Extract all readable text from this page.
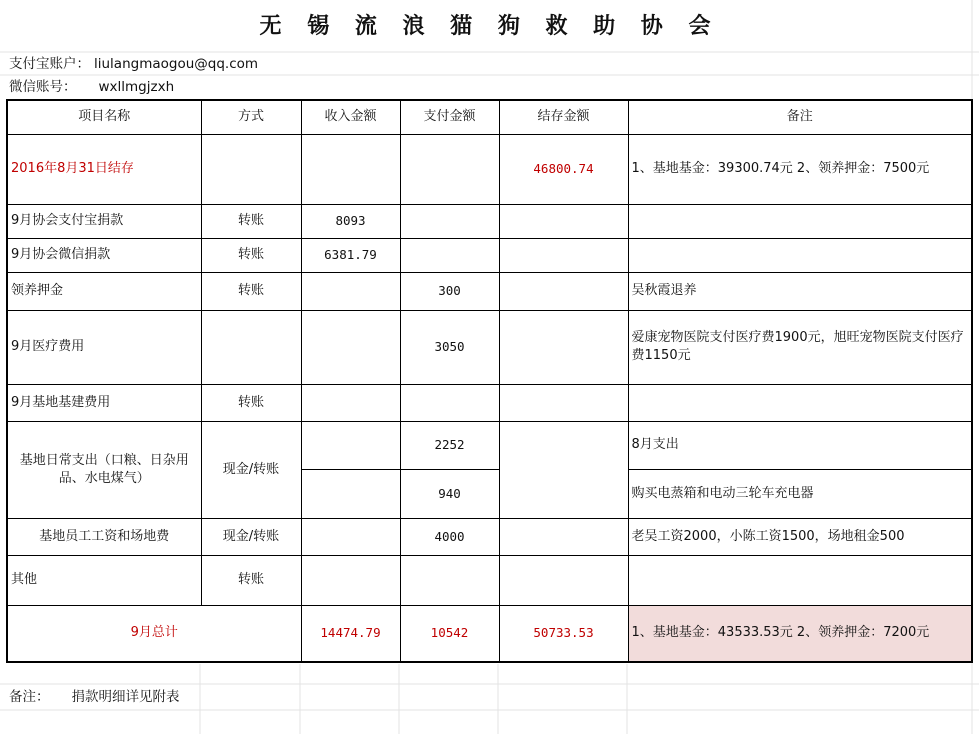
无 锡 流 浪 猫 狗 救 助 协 会
支付宝账户： liulangmaogou@qq.com
微信账号： wxllmgjzxh
项目名称	方式	收入金额	支付金额	结存金额	备注
2016年8月31日结存				46800.74	1、基地基金：39300.74元 2、领养押金：7500元
9月协会支付宝捐款	转账	8093			
9月协会微信捐款	转账	6381.79			
领养押金	转账		300		吴秋霞退养
9月医疗费用			3050		爱康宠物医院支付医疗费1900元，旭旺宠物医院支付医疗费1150元
9月基地基建费用	转账				
基地日常支出（口粮、日杂用品、水电煤气）	现金/转账		2252		8月支出
			940		购买电蒸箱和电动三轮车充电器
基地员工工资和场地费	现金/转账		4000		老吴工资2000，小陈工资1500，场地租金500
其他	转账				
9月总计		14474.79	10542	50733.53	1、基地基金：43533.53元 2、领养押金：7200元
备注： 捐款明细详见附表
